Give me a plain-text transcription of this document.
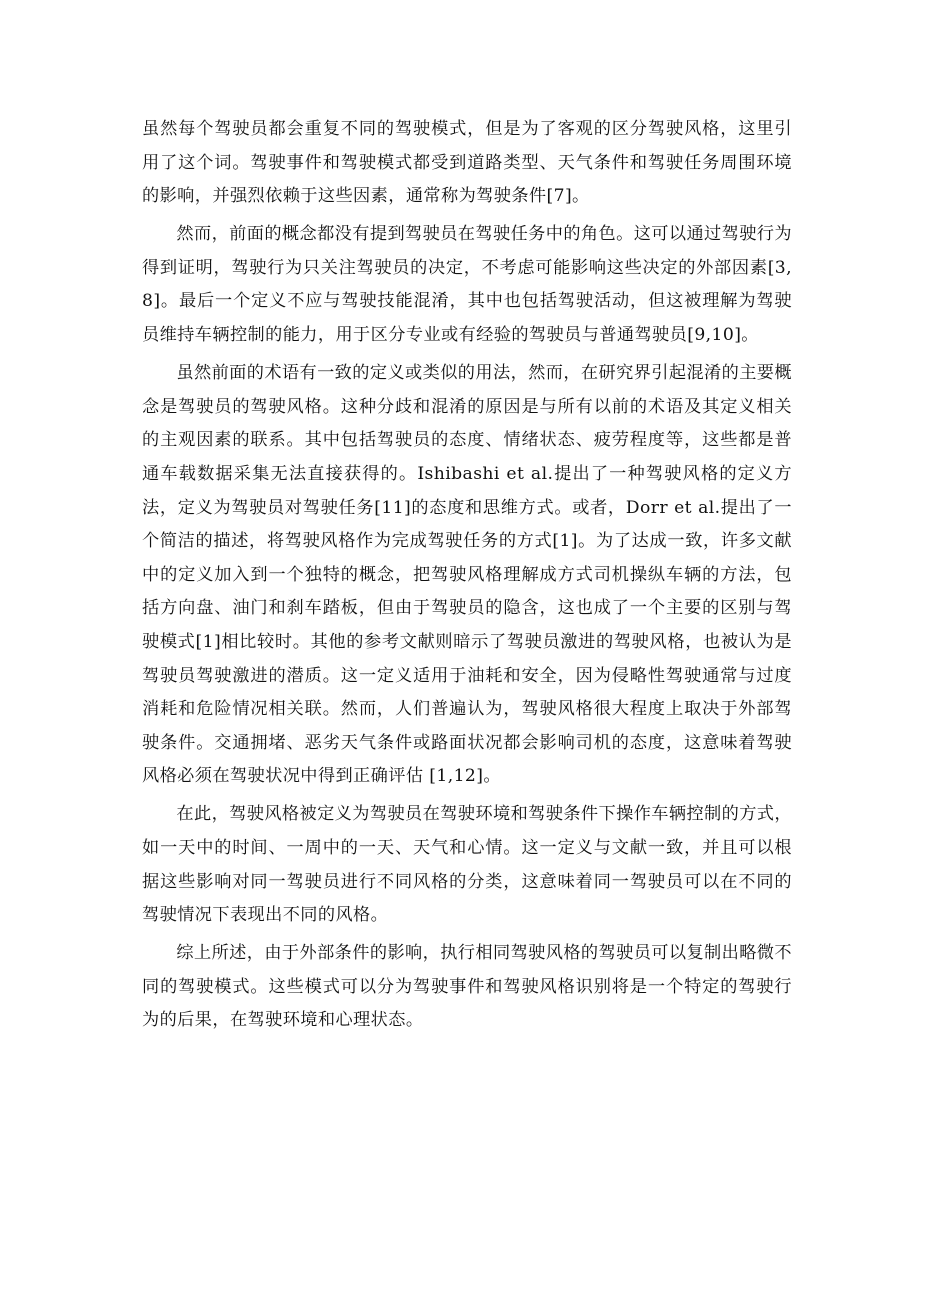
虽然每个驾驶员都会重复不同的驾驶模式，但是为了客观的区分驾驶风格，这里引用了这个词。驾驶事件和驾驶模式都受到道路类型、天气条件和驾驶任务周围环境的影响，并强烈依赖于这些因素，通常称为驾驶条件[7]。

然而，前面的概念都没有提到驾驶员在驾驶任务中的角色。这可以通过驾驶行为得到证明，驾驶行为只关注驾驶员的决定，不考虑可能影响这些决定的外部因素[3,8]。最后一个定义不应与驾驶技能混淆，其中也包括驾驶活动，但这被理解为驾驶员维持车辆控制的能力，用于区分专业或有经验的驾驶员与普通驾驶员[9,10]。

虽然前面的术语有一致的定义或类似的用法，然而，在研究界引起混淆的主要概念是驾驶员的驾驶风格。这种分歧和混淆的原因是与所有以前的术语及其定义相关的主观因素的联系。其中包括驾驶员的态度、情绪状态、疲劳程度等，这些都是普通车载数据采集无法直接获得的。Ishibashi et al.提出了一种驾驶风格的定义方法，定义为驾驶员对驾驶任务[11]的态度和思维方式。或者，Dorr et al.提出了一个简洁的描述，将驾驶风格作为完成驾驶任务的方式[1]。为了达成一致，许多文献中的定义加入到一个独特的概念，把驾驶风格理解成方式司机操纵车辆的方法，包括方向盘、油门和刹车踏板，但由于驾驶员的隐含，这也成了一个主要的区别与驾驶模式[1]相比较时。其他的参考文献则暗示了驾驶员激进的驾驶风格，也被认为是驾驶员驾驶激进的潜质。这一定义适用于油耗和安全，因为侵略性驾驶通常与过度消耗和危险情况相关联。然而，人们普遍认为，驾驶风格很大程度上取决于外部驾驶条件。交通拥堵、恶劣天气条件或路面状况都会影响司机的态度，这意味着驾驶风格必须在驾驶状况中得到正确评估 [1,12]。

在此，驾驶风格被定义为驾驶员在驾驶环境和驾驶条件下操作车辆控制的方式，如一天中的时间、一周中的一天、天气和心情。这一定义与文献一致，并且可以根据这些影响对同一驾驶员进行不同风格的分类，这意味着同一驾驶员可以在不同的驾驶情况下表现出不同的风格。

综上所述，由于外部条件的影响，执行相同驾驶风格的驾驶员可以复制出略微不同的驾驶模式。这些模式可以分为驾驶事件和驾驶风格识别将是一个特定的驾驶行为的后果，在驾驶环境和心理状态。
